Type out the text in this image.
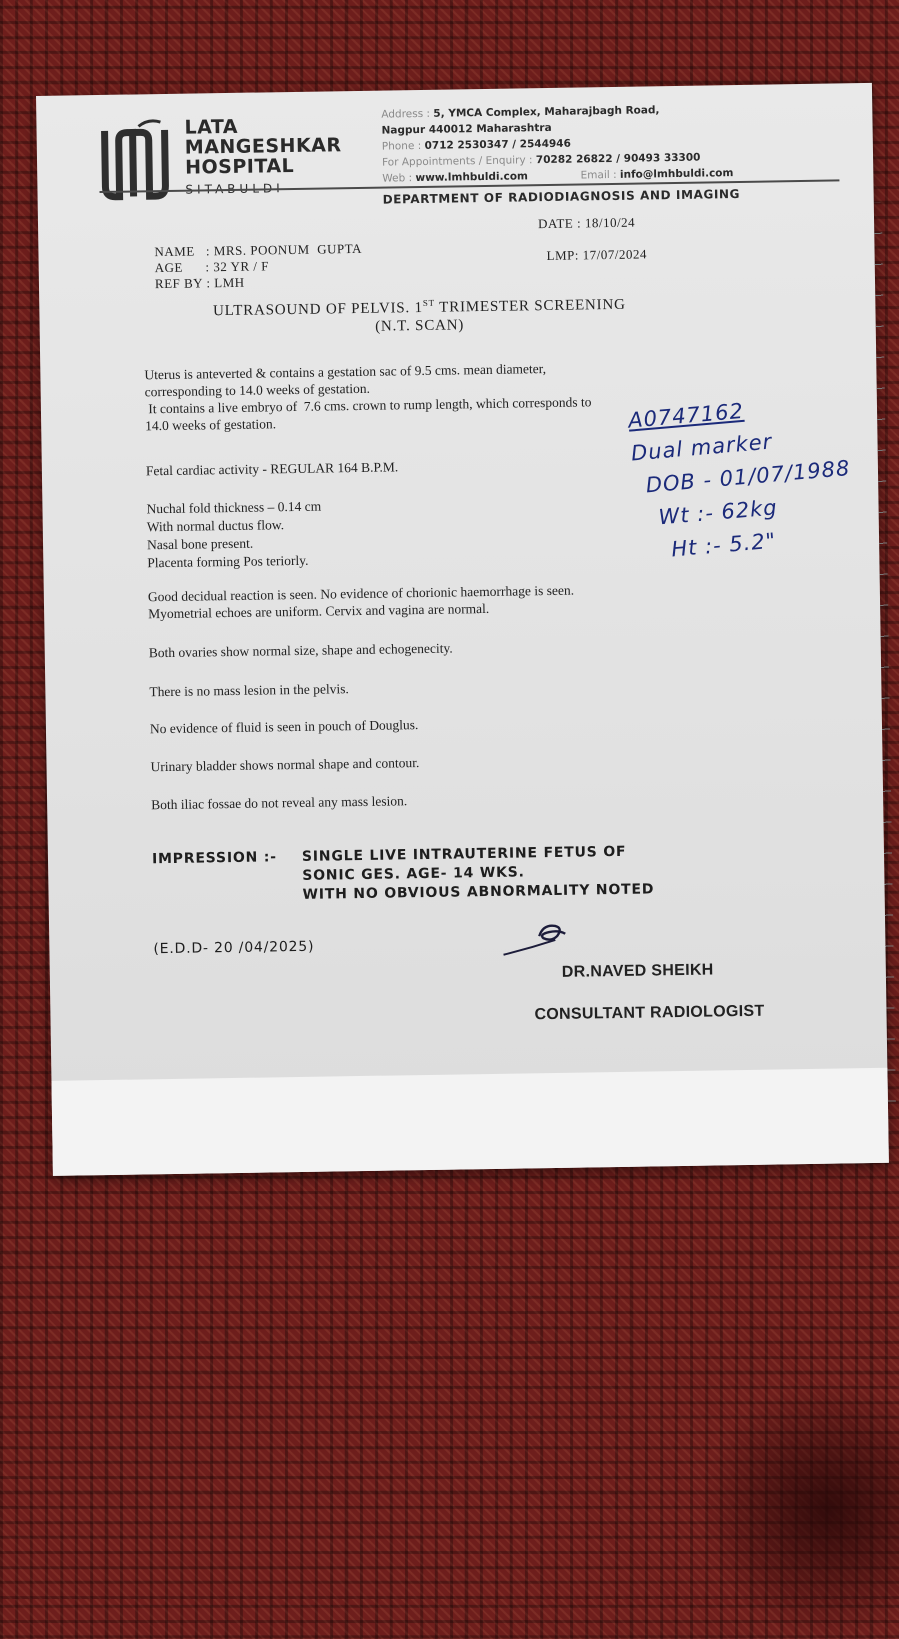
LATA
MANGESHKAR
HOSPITAL
Address : 5, YMCA Complex, Maharajbagh Road,
Nagpur 440012 Maharashtra
Phone : 0712 2530347 / 2544946
For Appointments / Enquiry : 70282 26822 / 90493 33300
Web : www.lmhbuldi.com	Email : info@lmhbuldi.com
DEPARTMENT OF RADIODIAGNOSIS AND IMAGING
DATE : 18/10/24
NAME   : MRS. POONUM  GUPTA
AGE      : 32 YR / F
REF BY : LMH
LMP: 17/07/2024
ULTRASOUND OF PELVIS. 1ST TRIMESTER SCREENING
(N.T. SCAN)
Uterus is anteverted & contains a gestation sac of 9.5 cms. mean diameter,
corresponding to 14.0 weeks of gestation.
It contains a live embryo of  7.6 cms. crown to rump length, which corresponds to
14.0 weeks of gestation.
Fetal cardiac activity - REGULAR 164 B.P.M.
Nuchal fold thickness – 0.14 cm
With normal ductus flow.
Nasal bone present.
Placenta forming Pos teriorly.
Good decidual reaction is seen. No evidence of chorionic haemorrhage is seen.
Myometrial echoes are uniform. Cervix and vagina are normal.
Both ovaries show normal size, shape and echogenecity.
There is no mass lesion in the pelvis.
No evidence of fluid is seen in pouch of Douglus.
Urinary bladder shows normal shape and contour.
Both iliac fossae do not reveal any mass lesion.
IMPRESSION :- SINGLE LIVE INTRAUTERINE FETUS OF
SONIC GES. AGE- 14 WKS.
WITH NO OBVIOUS ABNORMALITY NOTED
(E.D.D- 20 /04/2025)
DR.NAVED SHEIKH
CONSULTANT RADIOLOGIST
A0747162
Dual marker
DOB - 01/07/1988
Wt :- 62kg
Ht :- 5.2"
